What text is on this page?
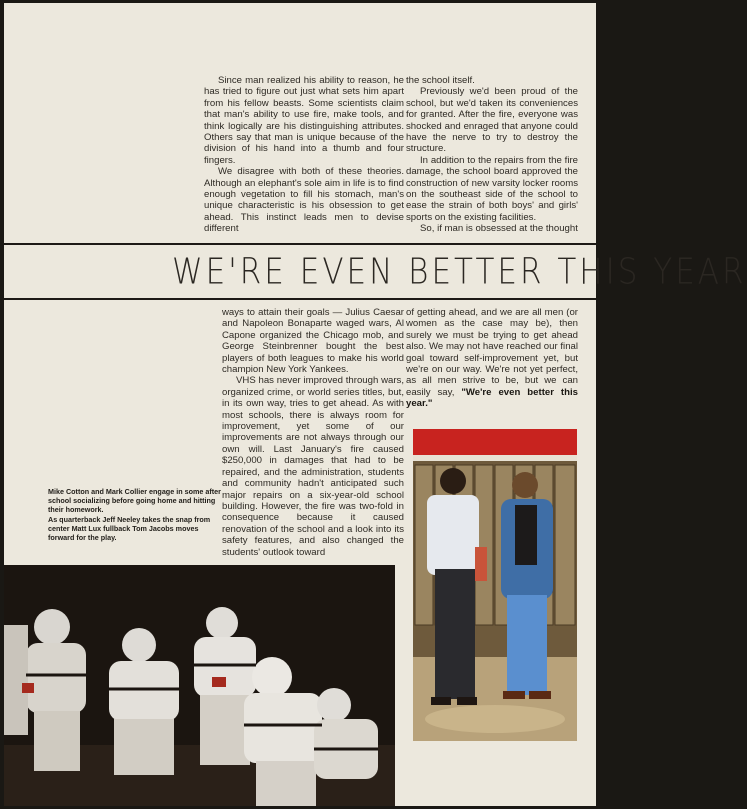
Since man realized his ability to reason, he has tried to figure out just what sets him apart from his fellow beasts. Some scientists claim that man's ability to use fire, make tools, and think logically are his distinguishing attributes. Others say that man is unique because of the division of his hand into a thumb and four fingers.

We disagree with both of these theories. Although an elephant's sole aim in life is to find enough vegetation to fill his stomach, man's unique characteristic is his obsession to get ahead. This instinct leads men to devise different

the school itself.

Previously we'd been proud of the school, but we'd taken its conveniences for granted. After the fire, everyone was shocked and enraged that anyone could have the nerve to try to destroy the structure.

In addition to the repairs from the fire damage, the school board approved the construction of new varsity locker rooms on the southeast side of the school to ease the strain of both boys' and girls' sports on the existing facilities.

So, if man is obsessed at the thought

WE'RE EVEN BETTER THIS YEAR

ways to attain their goals — Julius Caesar and Napoleon Bonaparte waged wars, Al Capone organized the Chicago mob, and George Steinbrenner bought the best players of both leagues to make his world champion New York Yankees.

VHS has never improved through wars, organized crime, or world series titles, but, in its own way, tries to get ahead. As with most schools, there is always room for improvement, yet some of our improvements are not always through our own will. Last January's fire caused $250,000 in damages that had to be repaired, and the administration, students and community hadn't anticipated such major repairs on a six-year-old school building. However, the fire was two-fold in consequence because it caused renovation of the school and a look into its safety features, and also changed the students' outlook toward

of getting ahead, and we are all men (or women as the case may be), then surely we must be trying to get ahead also. We may not have reached our final goal toward self-improvement yet, but we're on our way. We're not yet perfect, as all men strive to be, but we can easily say, "We're even better this year."

Mike Cotton and Mark Collier engage in some after school socializing before going home and hitting their homework.
As quarterback Jeff Neeley takes the snap from center Matt Lux fullback Tom Jacobs moves forward for the play.
